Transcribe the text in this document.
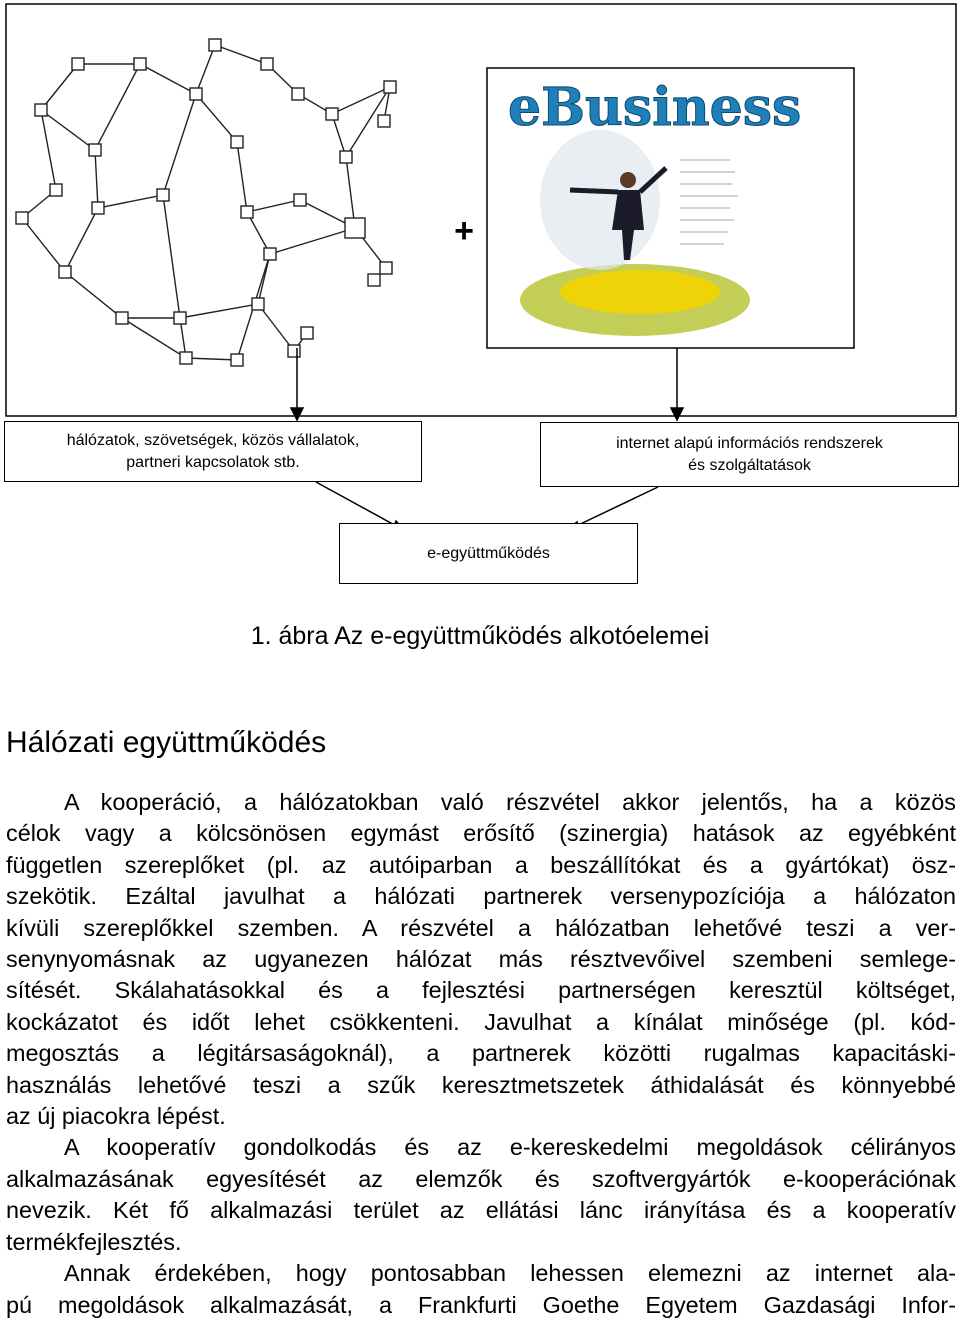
+
eBusiness
hálózatok, szövetségek, közös vállalatok,
partneri kapcsolatok stb.
internet alapú információs rendszerek
és szolgáltatások
e-együttműködés
1. ábra Az e-együttműködés alkotóelemei
Hálózati együttműködés

A kooperáció, a hálózatokban való részvétel akkor jelentős, ha a közös

célok vagy a kölcsönösen egymást erősítő (szinergia) hatások az egyébként

független szereplőket (pl. az autóiparban a beszállítókat és a gyártókat) ösz-

szekötik. Ezáltal javulhat a hálózati partnerek versenypozíciója a hálózaton

kívüli szereplőkkel szemben. A részvétel a hálózatban lehetővé teszi a ver-

senynyomásnak az ugyanezen hálózat más résztvevőivel szembeni semlege-

sítését. Skálahatásokkal és a fejlesztési partnerségen keresztül költséget,

kockázatot és időt lehet csökkenteni. Javulhat a kínálat minősége (pl. kód-

megosztás a légitársaságoknál), a partnerek közötti rugalmas kapacitáski-

használás lehetővé teszi a szűk keresztmetszetek áthidalását és könnyebbé

az új piacokra lépést.

A kooperatív gondolkodás és az e-kereskedelmi megoldások célirányos

alkalmazásának egyesítését az elemzők és szoftvergyártók e-kooperációnak

nevezik. Két fő alkalmazási terület az ellátási lánc irányítása és a kooperatív

termékfejlesztés.

Annak érdekében, hogy pontosabban lehessen elemezni az internet ala-

pú megoldások alkalmazását, a Frankfurti Goethe Egyetem Gazdasági Infor-
